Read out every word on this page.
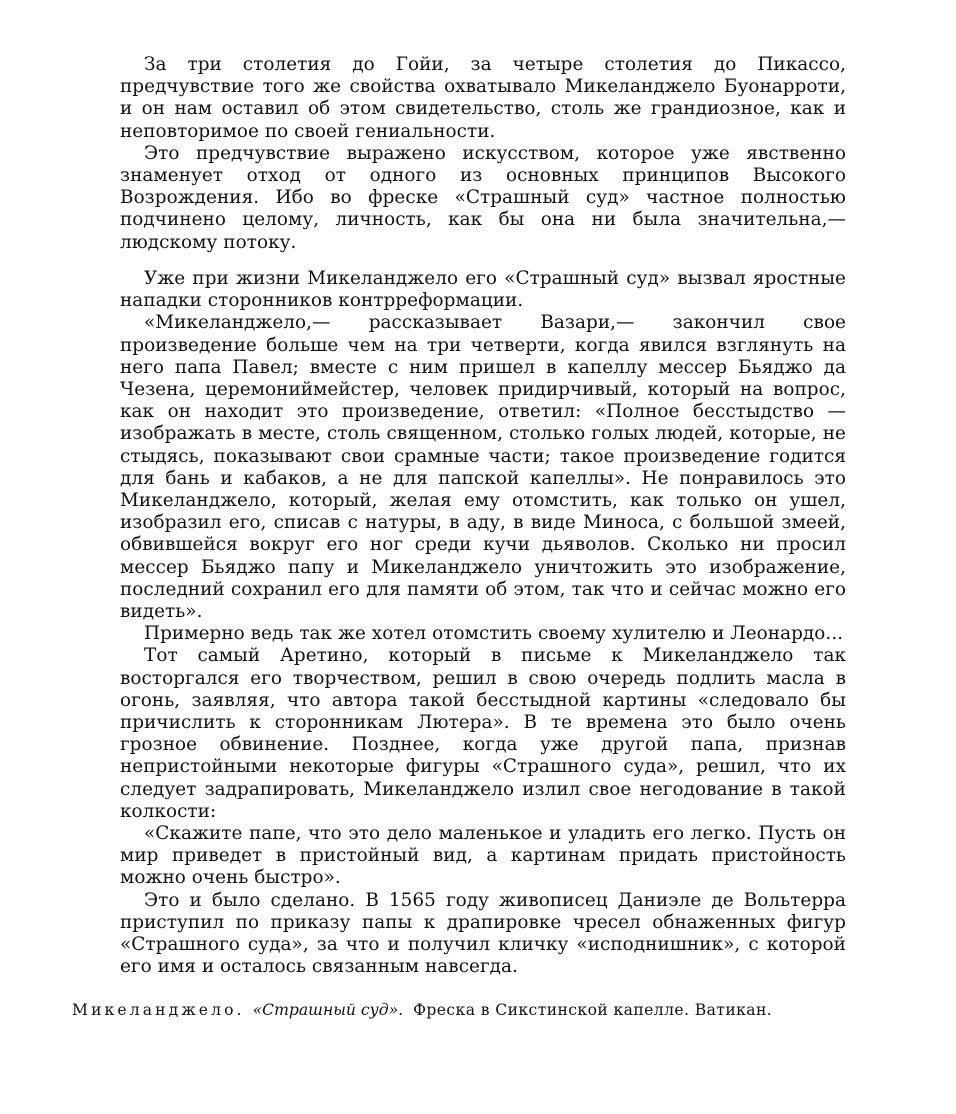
За три столетия до Гойи, за четыре столетия до Пикассо, предчувствие того же свойства охватывало Микеланджело Буонарроти, и он нам оставил об этом свидетельство, столь же грандиозное, как и неповторимое по своей гениальности.

Это предчувствие выражено искусством, которое уже явственно знаменует отход от одного из основных принципов Высокого Возрождения. Ибо во фреске «Страшный суд» частное полностью подчинено целому, личность, как бы она ни была значительна,— людскому потоку.

Уже при жизни Микеланджело его «Страшный суд» вызвал яростные нападки сторонников контрреформации.

«Микеланджело,— рассказывает Вазари,— закончил свое произведение больше чем на три четверти, когда явился взглянуть на него папа Павел; вместе с ним пришел в капеллу мессер Бьяджо да Чезена, церемониймейстер, человек придирчивый, который на вопрос, как он находит это произведение, ответил: «Полное бесстыдство — изображать в месте, столь священном, столько голых людей, которые, не стыдясь, показывают свои срамные части; такое произведение годится для бань и кабаков, а не для папской капеллы». Не понравилось это Микеланджело, который, желая ему отомстить, как только он ушел, изобразил его, списав с натуры, в аду, в виде Миноса, с большой змеей, обвившейся вокруг его ног среди кучи дьяволов. Сколько ни просил мессер Бьяджо папу и Микеланджело уничтожить это изображение, последний сохранил его для памяти об этом, так что и сейчас можно его видеть».

Примерно ведь так же хотел отомстить своему хулителю и Леонардо...

Тот самый Аретино, который в письме к Микеланджело так восторгался его творчеством, решил в свою очередь подлить масла в огонь, заявляя, что автора такой бесстыдной картины «следовало бы причислить к сторонникам Лютера». В те времена это было очень грозное обвинение. Позднее, когда уже другой папа, признав непристойными некоторые фигуры «Страшного суда», решил, что их следует задрапировать, Микеланджело излил свое негодование в такой колкости:

«Скажите папе, что это дело маленькое и уладить его легко. Пусть он мир приведет в пристойный вид, а картинам придать пристойность можно очень быстро».

Это и было сделано. В 1565 году живописец Даниэле де Вольтерра приступил по приказу папы к драпировке чресел обнаженных фигур «Страшного суда», за что и получил кличку «исподнишник», с которой его имя и осталось связанным навсегда.

Микеланджело. «Страшный суд». Фреска в Сикстинской капелле. Ватикан.
